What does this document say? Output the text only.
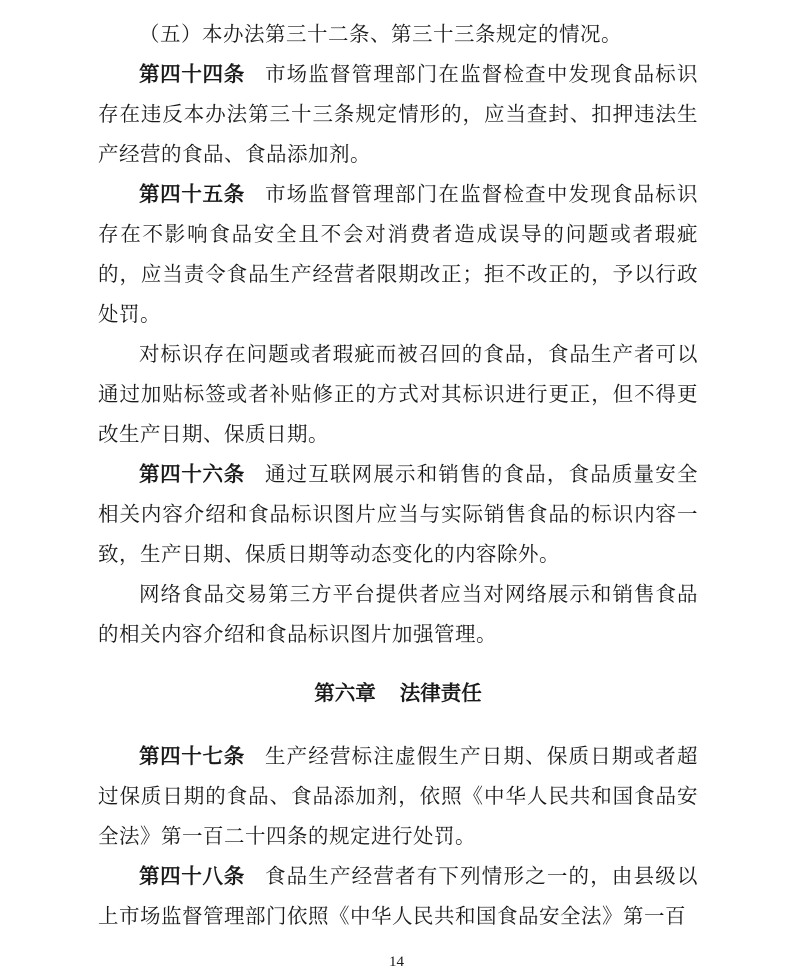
（五）本办法第三十二条、第三十三条规定的情况。

第四十四条 市场监督管理部门在监督检查中发现食品标识存在违反本办法第三十三条规定情形的，应当查封、扣押违法生产经营的食品、食品添加剂。

第四十五条 市场监督管理部门在监督检查中发现食品标识存在不影响食品安全且不会对消费者造成误导的问题或者瑕疵的，应当责令食品生产经营者限期改正；拒不改正的，予以行政处罚。

对标识存在问题或者瑕疵而被召回的食品，食品生产者可以通过加贴标签或者补贴修正的方式对其标识进行更正，但不得更改生产日期、保质日期。

第四十六条 通过互联网展示和销售的食品，食品质量安全相关内容介绍和食品标识图片应当与实际销售食品的标识内容一致，生产日期、保质日期等动态变化的内容除外。

网络食品交易第三方平台提供者应当对网络展示和销售食品的相关内容介绍和食品标识图片加强管理。

第六章 法律责任

第四十七条 生产经营标注虚假生产日期、保质日期或者超过保质日期的食品、食品添加剂，依照《中华人民共和国食品安全法》第一百二十四条的规定进行处罚。

第四十八条 食品生产经营者有下列情形之一的，由县级以上市场监督管理部门依照《中华人民共和国食品安全法》第一百

14
